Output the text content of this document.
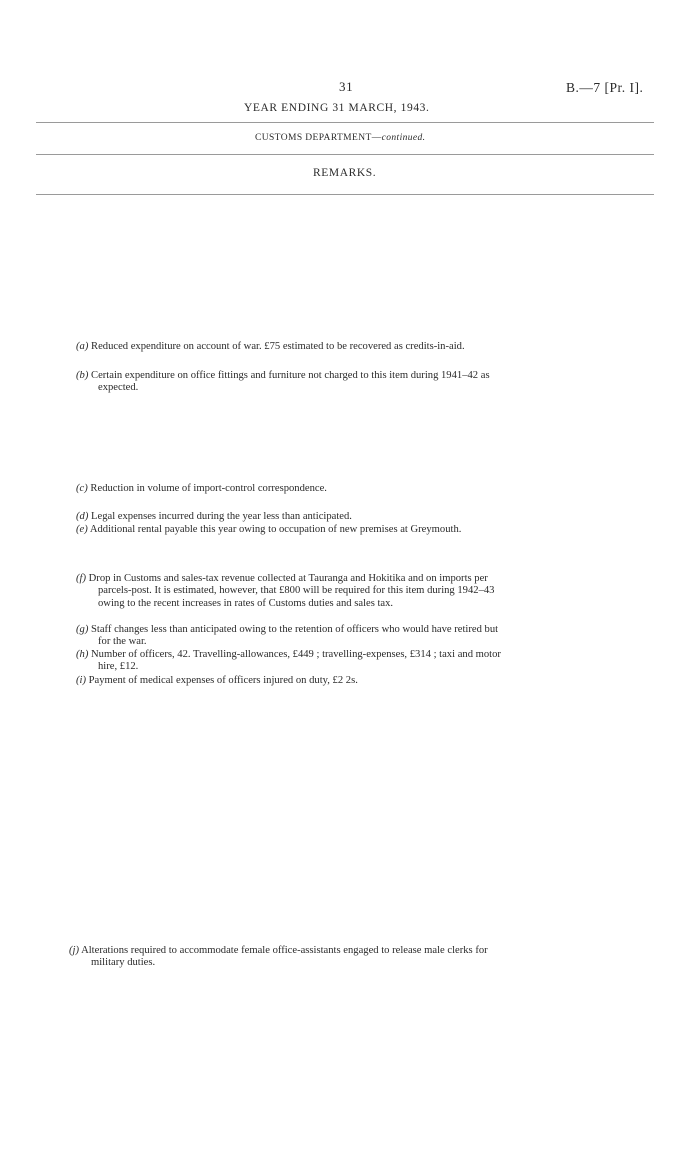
31	B.—7 [Pr. I].
YEAR ENDING 31 MARCH, 1943.
CUSTOMS DEPARTMENT—continued.
REMARKS.
(a) Reduced expenditure on account of war. £75 estimated to be recovered as credits-in-aid.
(b) Certain expenditure on office fittings and furniture not charged to this item during 1941–42 as
expected.
(c) Reduction in volume of import-control correspondence.
(d) Legal expenses incurred during the year less than anticipated.
(e) Additional rental payable this year owing to occupation of new premises at Greymouth.
(f) Drop in Customs and sales-tax revenue collected at Tauranga and Hokitika and on imports per
parcels-post. It is estimated, however, that £800 will be required for this item during 1942–43
owing to the recent increases in rates of Customs duties and sales tax.
(g) Staff changes less than anticipated owing to the retention of officers who would have retired but
for the war.
(h) Number of officers, 42. Travelling-allowances, £449 ; travelling-expenses, £314 ; taxi and motor
hire, £12.
(i) Payment of medical expenses of officers injured on duty, £2 2s.
(j) Alterations required to accommodate female office-assistants engaged to release male clerks for
military duties.
